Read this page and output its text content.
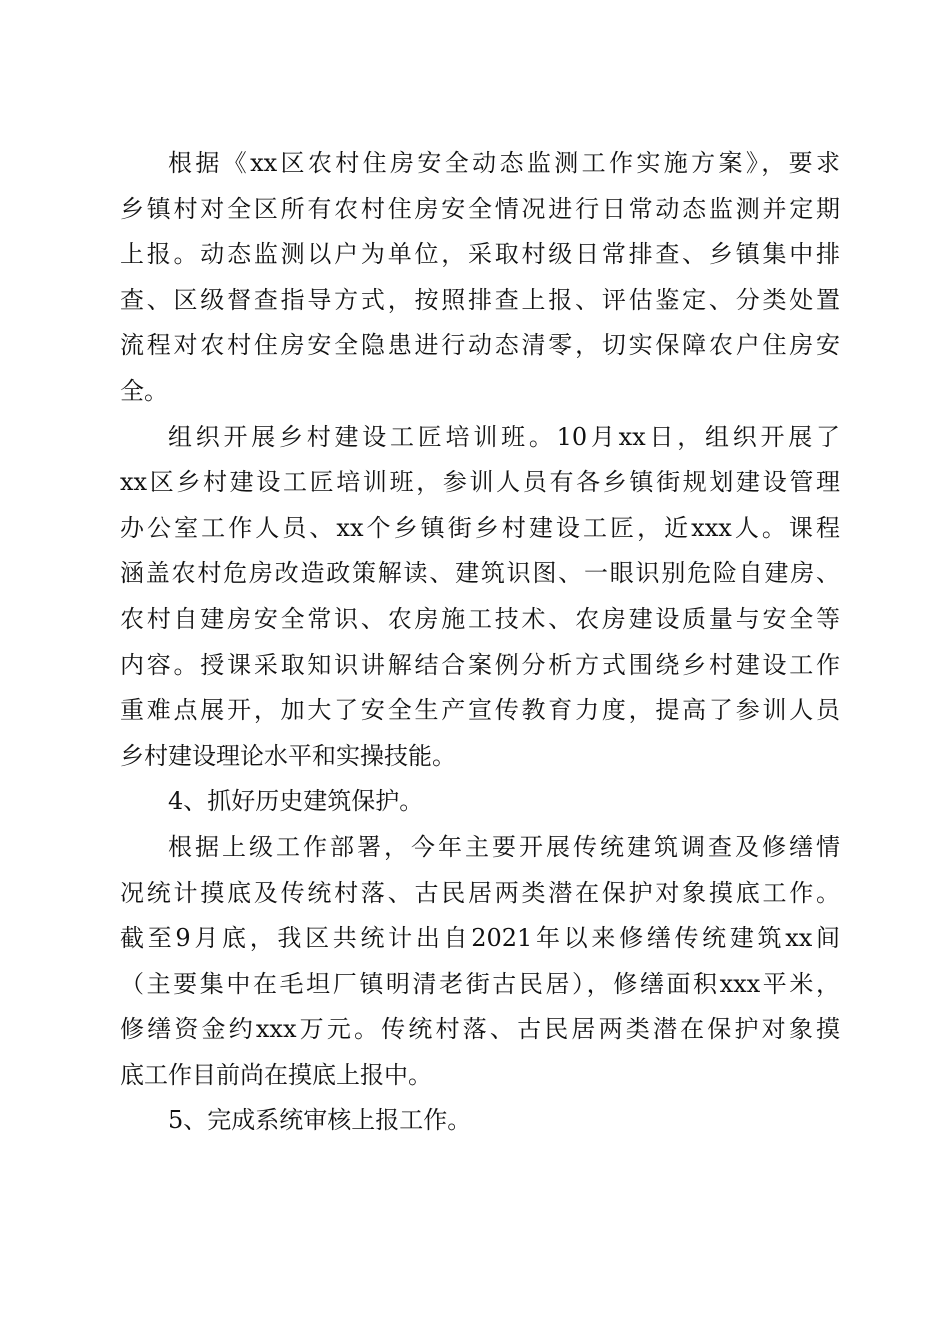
根据《xx区农村住房安全动态监测工作实施方案》，要求
乡镇村对全区所有农村住房安全情况进行日常动态监测并定期
上报。动态监测以户为单位，采取村级日常排查、乡镇集中排
查、区级督查指导方式，按照排查上报、评估鉴定、分类处置
流程对农村住房安全隐患进行动态清零，切实保障农户住房安
全。
组织开展乡村建设工匠培训班。10月xx日，组织开展了
xx区乡村建设工匠培训班，参训人员有各乡镇街规划建设管理
办公室工作人员、xx个乡镇街乡村建设工匠，近xxx人。课程
涵盖农村危房改造政策解读、建筑识图、一眼识别危险自建房、
农村自建房安全常识、农房施工技术、农房建设质量与安全等
内容。授课采取知识讲解结合案例分析方式围绕乡村建设工作
重难点展开，加大了安全生产宣传教育力度，提高了参训人员
乡村建设理论水平和实操技能。
4、抓好历史建筑保护。
根据上级工作部署，今年主要开展传统建筑调查及修缮情
况统计摸底及传统村落、古民居两类潜在保护对象摸底工作。
截至9月底，我区共统计出自2021年以来修缮传统建筑xx间
（主要集中在毛坦厂镇明清老街古民居），修缮面积xxx平米，
修缮资金约xxx万元。传统村落、古民居两类潜在保护对象摸
底工作目前尚在摸底上报中。
5、完成系统审核上报工作。
